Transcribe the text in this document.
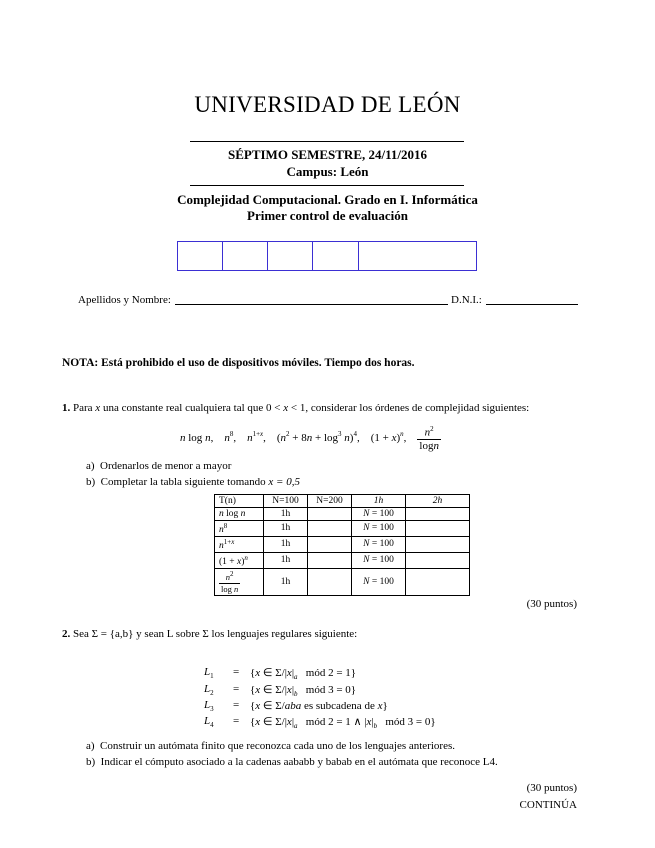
UNIVERSIDAD DE LEÓN
SÉPTIMO SEMESTRE, 24/11/2016
Campus: León
Complejidad Computacional. Grado en I. Informática
Primer control de evaluación
Apellidos y Nombre:	D.N.I.:
NOTA: Está prohibido el uso de dispositivos móviles. Tiempo dos horas.
1. Para x una constante real cualquiera tal que 0 < x < 1, considerar los órdenes de complejidad siguientes:
n log n,    $n^8$,    $n^{1+x}$,    $(n^2 + 8n + \log^3 n)^4$,    $(1 + x)^n$, $\frac{n^2}{\log n}$
a) Ordenarlos de menor a mayor
b) Completar la tabla siguiente tomando x = 0,5
T(n)	N=100	N=200	1h	2h
n log n	1h		N = 100	
$n^8$	1h		N = 100	
$n^{1+x}$	1h		N = 100	
$(1 + x)^n$	1h		N = 100	

$\frac{n^2}{\text{log n}}$	1h		N = 100	
(30 puntos)
2. Sea Σ = {a,b} y sean L sobre Σ los lenguajes regulares siguiente:
$L_1 = \{x$ ∈ $\Sigma/|x|_a$   mód 2 = 1}
$L_2 = \{x$ ∈ $\Sigma/|x|_b$   mód 3 = 0}
$L_3 = \{x$ ∈ Σ/aba es subcadena de x}
$L_4 = \{x$ ∈ $\Sigma/|x|_a$   mód 2 = 1 ∧ $|x|_b$   mód 3 = 0}
a) Construir un autómata finito que reconozca cada uno de los lenguajes anteriores.
b) Indicar el cómputo asociado a la cadenas aababb y babab en el autómata que reconoce L4.
(30 puntos)
CONTINÚA
